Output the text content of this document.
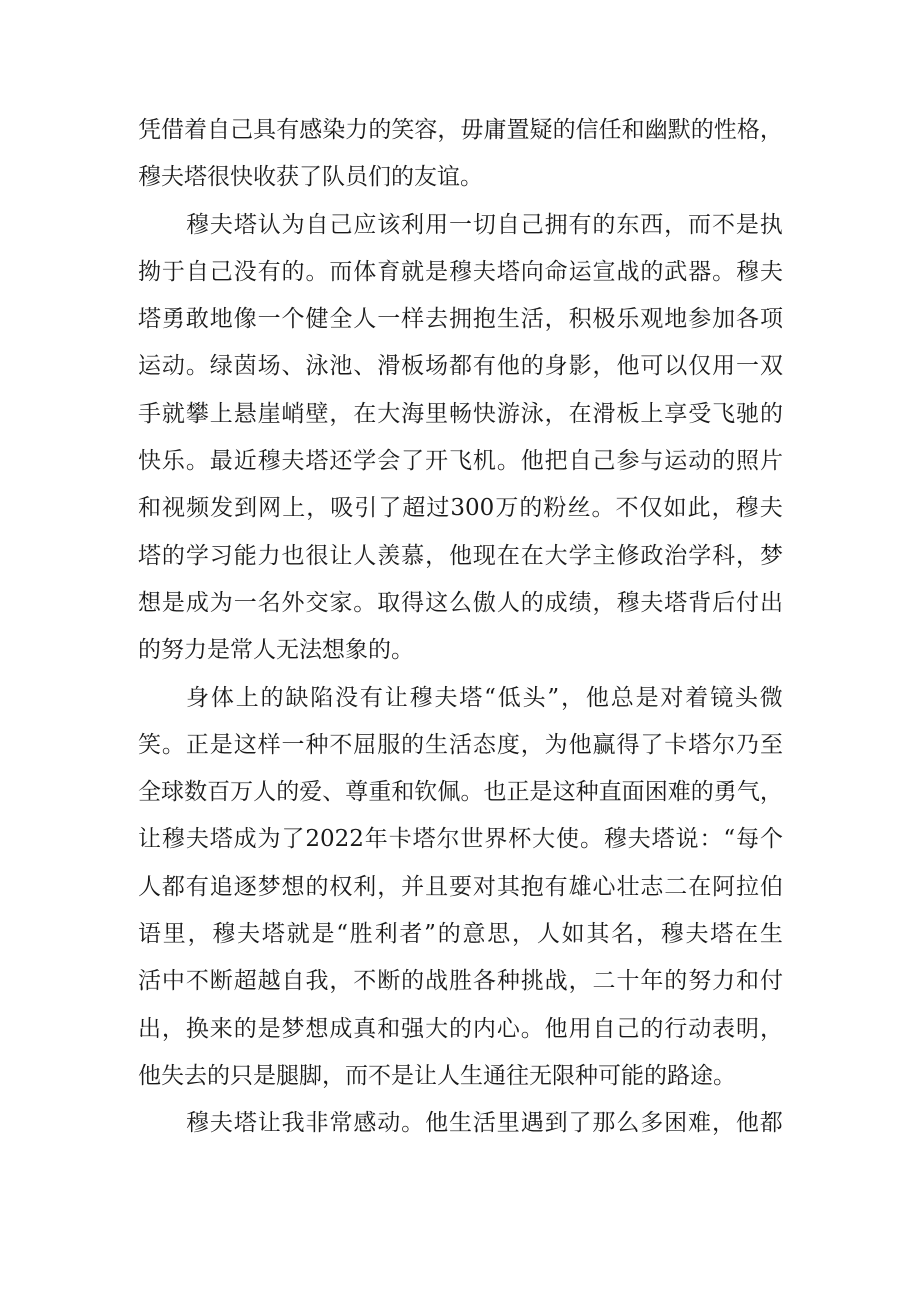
凭 借 着 自 己 具 有 感 染 力 的 笑 容 ， 毋 庸 置 疑 的 信 任 和 幽 默 的 性 格 ，
穆夫塔很快收获了队员们的友谊。
穆 夫 塔 认 为 自 己 应 该 利 用 一 切 自 己 拥 有 的 东 西 ， 而 不 是 执
拗 于 自 己 没 有 的 。 而 体 育 就 是 穆 夫 塔 向 命 运 宣 战 的 武 器 。 穆 夫
塔 勇 敢 地 像 一 个 健 全 人 一 样 去 拥 抱 生 活 ， 积 极 乐 观 地 参 加 各 项
运 动 。 绿 茵 场 、 泳 池 、 滑 板 场 都 有 他 的 身 影 ， 他 可 以 仅 用 一 双
手 就 攀 上 悬 崖 峭 壁 ， 在 大 海 里 畅 快 游 泳 ， 在 滑 板 上 享 受 飞 驰 的
快 乐 。 最 近 穆 夫 塔 还 学 会 了 开 飞 机 。 他 把 自 己 参 与 运 动 的 照 片
和 视 频 发 到 网 上 ， 吸 引 了 超 过 300 万 的 粉 丝 。 不 仅 如 此 ， 穆 夫
塔 的 学 习 能 力 也 很 让 人 羡 慕 ， 他 现 在 在 大 学 主 修 政 治 学 科 ， 梦
想 是 成 为 一 名 外 交 家 。 取 得 这 么 傲 人 的 成 绩 ， 穆 夫 塔 背 后 付 出
的努力是常人无法想象的。
身 体 上 的 缺 陷 没 有 让 穆 夫 塔 “ 低 头 ” ， 他 总 是 对 着 镜 头 微
笑 。 正 是 这 样 一 种 不 屈 服 的 生 活 态 度 ， 为 他 赢 得 了 卡 塔 尔 乃 至
全 球 数 百 万 人 的 爱 、 尊 重 和 钦 佩 。 也 正 是 这 种 直 面 困 难 的 勇 气 ，
让 穆 夫 塔 成 为 了 2022 年 卡 塔 尔 世 界 杯 大 使 。 穆 夫 塔 说 ： “ 每 个
人 都 有 追 逐 梦 想 的 权 利 ， 并 且 要 对 其 抱 有 雄 心 壮 志 二 在 阿 拉 伯
语 里 ， 穆 夫 塔 就 是 “ 胜 利 者 ” 的 意 思 ， 人 如 其 名 ， 穆 夫 塔 在 生
活 中 不 断 超 越 自 我 ， 不 断 的 战 胜 各 种 挑 战 ， 二 十 年 的 努 力 和 付
出 ， 换 来 的 是 梦 想 成 真 和 强 大 的 内 心 。 他 用 自 己 的 行 动 表 明 ，
他失去的只是腿脚，而不是让人生通往无限种可能的路途。
穆 夫 塔 让 我 非 常 感 动 。 他 生 活 里 遇 到 了 那 么 多 困 难 ， 他 都
